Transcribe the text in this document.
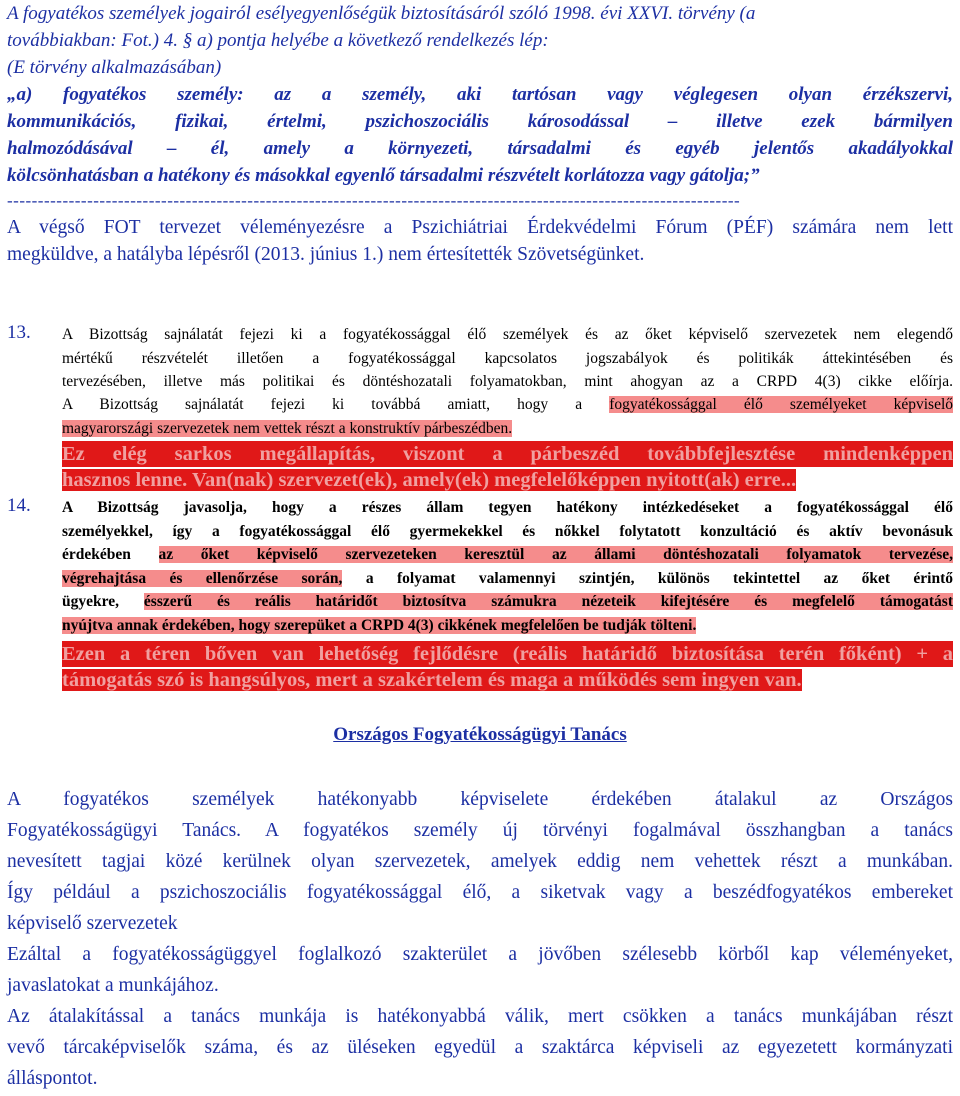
A fogyatékos személyek jogairól esélyegyenlőségük biztosításáról szóló 1998. évi XXVI. törvény (a
továbbiakban: Fot.) 4. § a) pontja helyébe a következő rendelkezés lép:
(E törvény alkalmazásában)
„a) fogyatékos személy: az a személy, aki tartósan vagy véglegesen olyan érzékszervi,
kommunikációs, fizikai, értelmi, pszichoszociális károsodással – illetve ezek bármilyen
halmozódásával – él, amely a környezeti, társadalmi és egyéb jelentős akadályokkal
kölcsönhatásban a hatékony és másokkal egyenlő társadalmi részvételt korlátozza vagy gátolja;”
-----------------------------------------------------------------------------------------------------------------------
A végső FOT tervezet véleményezésre a Pszichiátriai Érdekvédelmi Fórum (PÉF) számára nem lett
megküldve, a hatályba lépésről (2013. június 1.) nem értesítették Szövetségünket.
13. A Bizottság sajnálatát fejezi ki a fogyatékossággal élő személyek és az őket képviselő szervezetek nem elegendő
mértékű részvételét illetően a fogyatékossággal kapcsolatos jogszabályok és politikák áttekintésében és
tervezésében, illetve más politikai és döntéshozatali folyamatokban, mint ahogyan az a CRPD 4(3) cikke előírja.
A Bizottság sajnálatát fejezi ki továbbá amiatt, hogy a fogyatékossággal élő személyeket képviselő
magyarországi szervezetek nem vettek részt a konstruktív párbeszédben.
Ez elég sarkos megállapítás, viszont a párbeszéd továbbfejlesztése mindenképpen
hasznos lenne. Van(nak) szervezet(ek), amely(ek) megfelelőképpen nyitott(ak) erre...
14. A Bizottság javasolja, hogy a részes állam tegyen hatékony intézkedéseket a fogyatékossággal élő
személyekkel, így a fogyatékossággal élő gyermekekkel és nőkkel folytatott konzultáció és aktív bevonásuk
érdekében az őket képviselő szervezeteken keresztül az állami döntéshozatali folyamatok tervezése,
végrehajtása és ellenőrzése során, a folyamat valamennyi szintjén, különös tekintettel az őket érintő
ügyekre, ésszerű és reális határidőt biztosítva számukra nézeteik kifejtésére és megfelelő támogatást
nyújtva annak érdekében, hogy szerepüket a CRPD 4(3) cikkének megfelelően be tudják tölteni.
Ezen a téren bőven van lehetőség fejlődésre (reális határidő biztosítása terén főként) + a
támogatás szó is hangsúlyos, mert a szakértelem és maga a működés sem ingyen van.
Országos Fogyatékosságügyi Tanács
A fogyatékos személyek hatékonyabb képviselete érdekében átalakul az Országos
Fogyatékosságügyi Tanács. A fogyatékos személy új törvényi fogalmával összhangban a tanács
nevesített tagjai közé kerülnek olyan szervezetek, amelyek eddig nem vehettek részt a munkában.
Így például a pszichoszociális fogyatékossággal élő, a siketvak vagy a beszédfogyatékos embereket
képviselő szervezetek
Ezáltal a fogyatékosságüggyel foglalkozó szakterület a jövőben szélesebb körből kap véleményeket,
javaslatokat a munkájához.
Az átalakítással a tanács munkája is hatékonyabbá válik, mert csökken a tanács munkájában részt
vevő tárcaképviselők száma, és az üléseken egyedül a szaktárca képviseli az egyezetett kormányzati
álláspontot.
